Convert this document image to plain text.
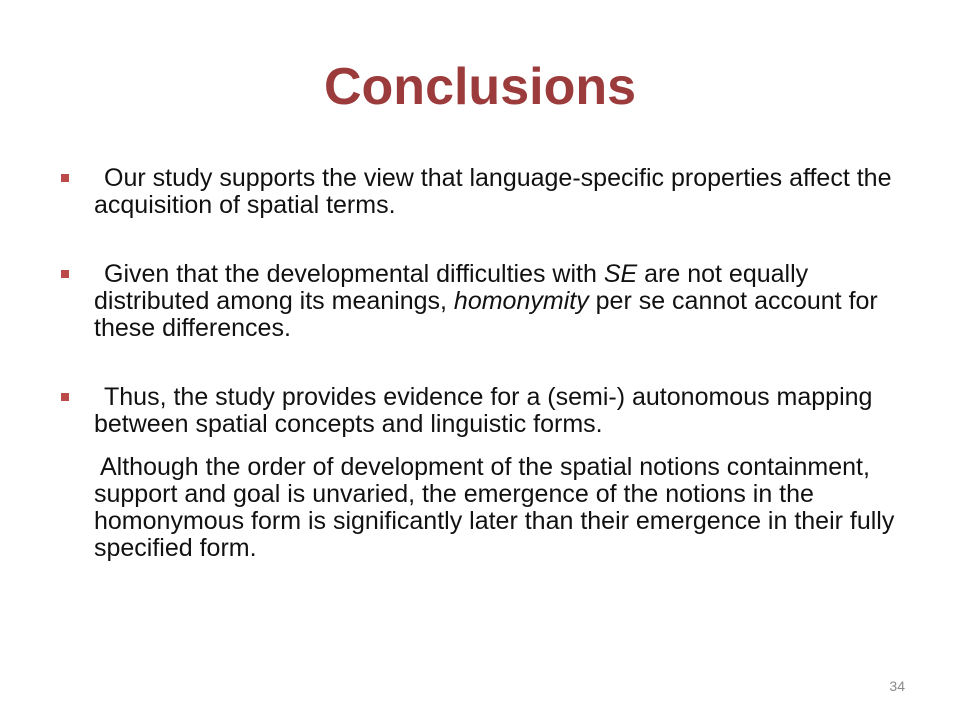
Conclusions
Our study supports the view that language-specific properties affect the acquisition of spatial terms.
Given that the developmental difficulties with SE are not equally distributed among its meanings, homonymity per se cannot account for these differences.
Thus, the study provides evidence for a (semi-) autonomous mapping between spatial concepts and linguistic forms.
Although the order of development of the spatial notions containment, support and goal is unvaried, the emergence of the notions in the homonymous form is significantly later than their emergence in their fully specified form.
34
